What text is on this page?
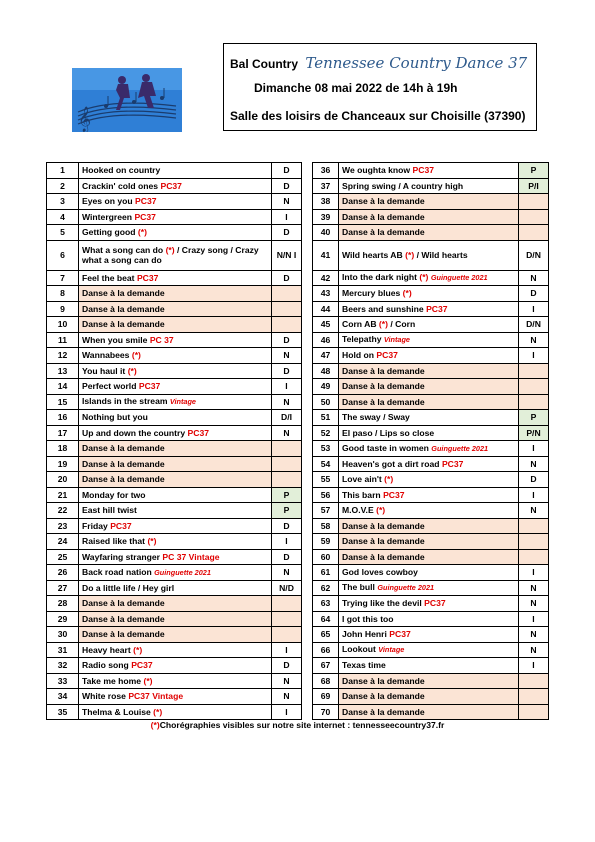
𝄞
Bal Country Tennessee Country Dance 37
Dimanche 08 mai 2022 de 14h à 19h
Salle des loisirs de Chanceaux sur Choisille (37390)
1	Hooked on country	D		36	We oughta know PC37	P
2	Crackin' cold ones PC37	D		37	Spring swing / A country high	P/I
3	Eyes on you PC37	N		38	Danse à la demande	
4	Wintergreen PC37	I		39	Danse à la demande	
5	Getting good (*)	D		40	Danse à la demande	
6	What a song can do (*) / Crazy song / Crazy what a song can do	N/N I		41	Wild hearts AB (*) / Wild hearts	D/N
7	Feel the beat PC37	D		42	Into the dark night (*) Guinguette 2021	N
8	Danse à la demande			43	Mercury blues (*)	D
9	Danse à la demande			44	Beers and sunshine PC37	I
10	Danse à la demande			45	Corn AB (*) / Corn	D/N
11	When you smile PC 37	D		46	Telepathy Vintage	N
12	Wannabees (*)	N		47	Hold on PC37	I
13	You haul it (*)	D		48	Danse à la demande	
14	Perfect world PC37	I		49	Danse à la demande	
15	Islands in the stream Vintage	N		50	Danse à la demande	
16	Nothing but you	D/I		51	The sway / Sway	P
17	Up and down the country PC37	N		52	El paso / Lips so close	P/N
18	Danse à la demande			53	Good taste in women Guinguette 2021	I
19	Danse à la demande			54	Heaven's got a dirt road PC37	N
20	Danse à la demande			55	Love ain't (*)	D
21	Monday for two	P		56	This barn PC37	I
22	East hill twist	P		57	M.O.V.E (*)	N
23	Friday PC37	D		58	Danse à la demande	
24	Raised like that (*)	I		59	Danse à la demande	
25	Wayfaring stranger PC 37 Vintage	D		60	Danse à la demande	
26	Back road nation Guinguette 2021	N		61	God loves cowboy	I
27	Do a little life / Hey girl	N/D		62	The bull Guinguette 2021	N
28	Danse à la demande			63	Trying like the devil PC37	N
29	Danse à la demande			64	I got this too	I
30	Danse à la demande			65	John Henri PC37	N
31	Heavy heart (*)	I		66	Lookout Vintage	N
32	Radio song PC37	D		67	Texas time	I
33	Take me home (*)	N		68	Danse à la demande	
34	White rose PC37 Vintage	N		69	Danse à la demande	
35	Thelma & Louise (*)	I		70	Danse à la demande	
(*)Chorégraphies visibles sur notre site internet : tennesseecountry37.fr
